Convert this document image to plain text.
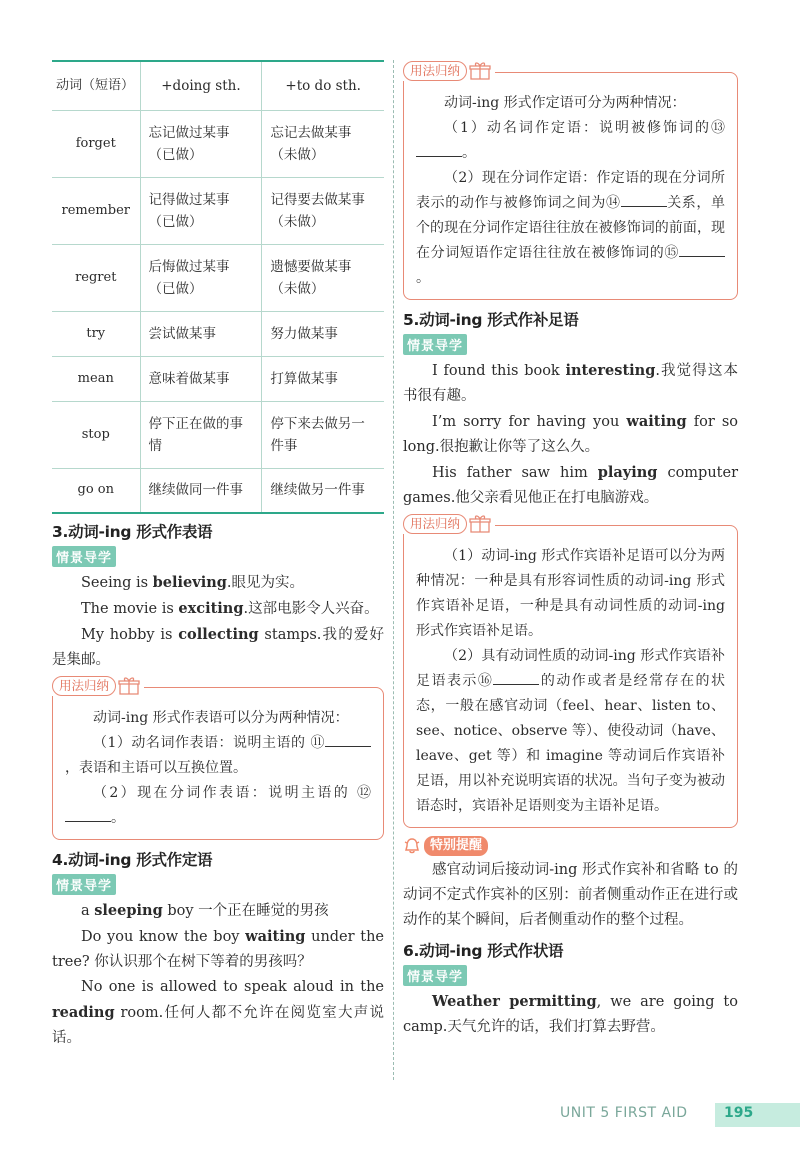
动词（短语）	+doing sth.	+to do sth.
forget	忘记做过某事（已做）	忘记去做某事（未做）
remember	记得做过某事（已做）	记得要去做某事（未做）
regret	后悔做过某事（已做）	遗憾要做某事（未做）
try	尝试做某事	努力做某事
mean	意味着做某事	打算做某事
stop	停下正在做的事情	停下来去做另一件事
go on	继续做同一件事	继续做另一件事
3.动词-ing 形式作表语
情景导学

Seeing is believing.眼见为实。

The movie is exciting.这部电影令人兴奋。

My hobby is collecting stamps.我的爱好是集邮。

用法归纳

动词-ing 形式作表语可以分为两种情况：

（1）动名词作表语：说明主语的 ⑪，表语和主语可以互换位置。

（2）现在分词作表语：说明主语的 ⑫。

4.动词-ing 形式作定语
情景导学

a sleeping boy 一个正在睡觉的男孩

Do you know the boy waiting under the tree? 你认识那个在树下等着的男孩吗？

No one is allowed to speak aloud in the reading room.任何人都不允许在阅览室大声说话。

用法归纳

动词-ing 形式作定语可分为两种情况：

（1）动名词作定语：说明被修饰词的⑬。

（2）现在分词作定语：作定语的现在分词所表示的动作与被修饰词之间为⑭	关系，单个的现在分词作定语往往放在被修饰词的前面，现在分词短语作定语往往放在被修饰词的⑮。

5.动词-ing 形式作补足语
情景导学

I found this book interesting.我觉得这本书很有趣。

I’m sorry for having you waiting for so long.很抱歉让你等了这么久。

His father saw him playing computer games.他父亲看见他正在打电脑游戏。

用法归纳

（1）动词-ing 形式作宾语补足语可以分为两种情况：一种是具有形容词性质的动词-ing 形式作宾语补足语，一种是具有动词性质的动词-ing 形式作宾语补足语。

（2）具有动词性质的动词-ing 形式作宾语补足语表示⑯	的动作或者是经常存在的状态，一般在感官动词（feel、hear、listen to、see、notice、observe 等）、使役动词（have、leave、get 等）和 imagine 等动词后作宾语补足语，用以补充说明宾语的状况。当句子变为被动语态时，宾语补足语则变为主语补足语。

特别提醒

感官动词后接动词-ing 形式作宾补和省略 to 的动词不定式作宾补的区别：前者侧重动作正在进行或动作的某个瞬间，后者侧重动作的整个过程。

6.动词-ing 形式作状语
情景导学

Weather permitting, we are going to camp.天气允许的话，我们打算去野营。

UNIT 5 FIRST AID	195
